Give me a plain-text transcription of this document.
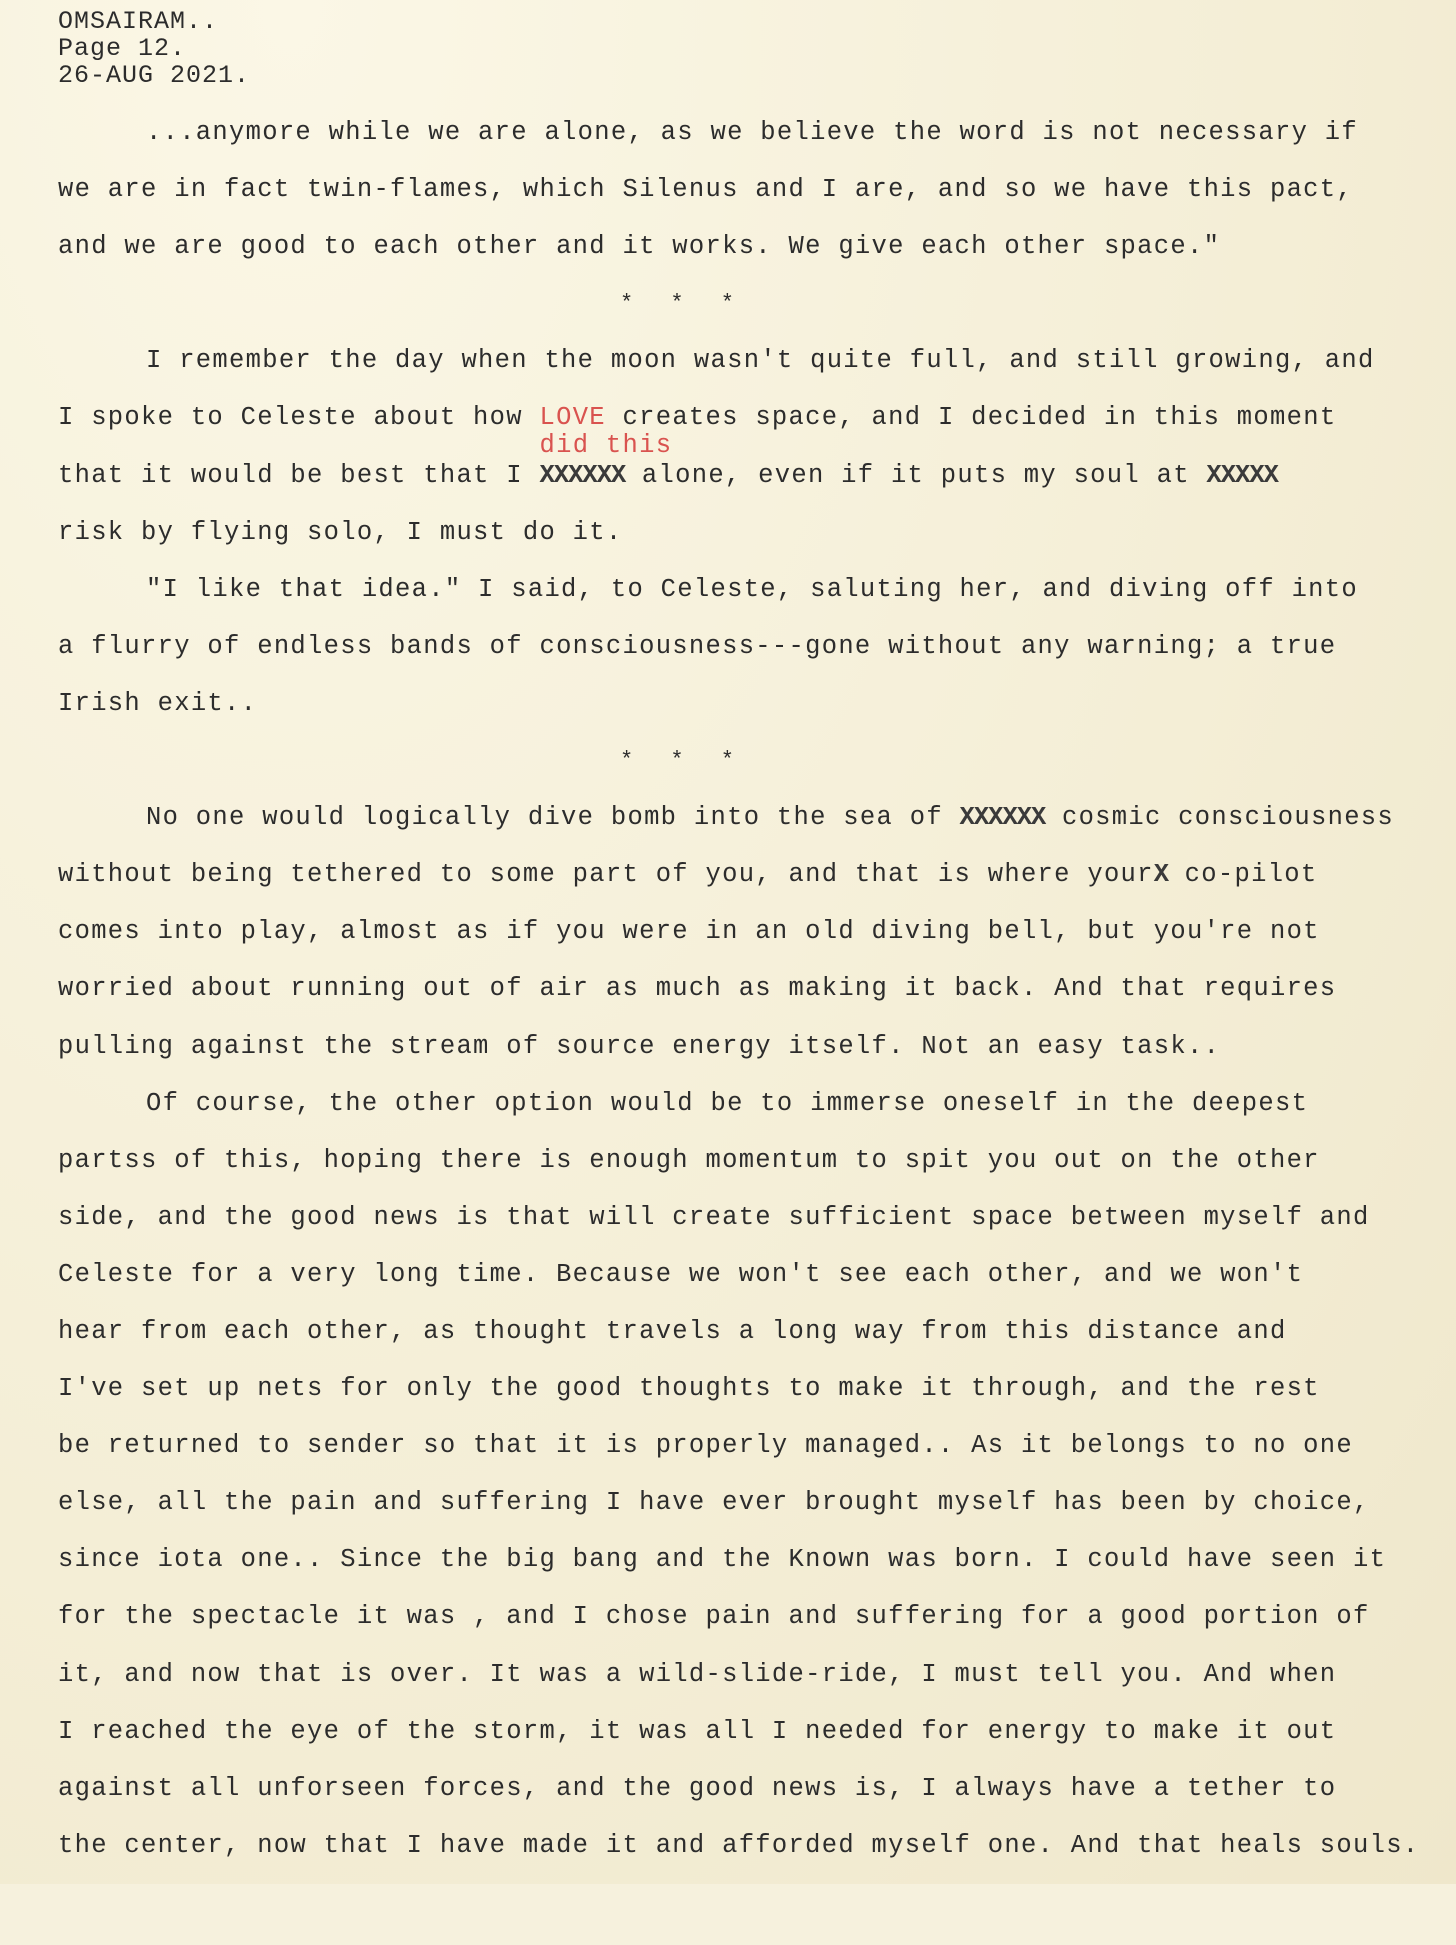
OMSAIRAM..
Page 12.
26-AUG 2021.
...anymore while we are alone, as we believe the word is not necessary if
we are in fact twin-flames, which Silenus and I are, and so we have this pact,
and we are good to each other and it works. We give each other space."
* * *
I remember the day when the moon wasn't quite full, and still growing, and
I spoke to Celeste about how LOVE creates space, and I decided in this moment
that it would be best that I
did this
XXXXXX alone, even if it puts my soul at XXXXX
risk by flying solo, I must do it.
"I like that idea." I said, to Celeste, saluting her, and diving off into
a flurry of endless bands of consciousness---gone without any warning; a true
Irish exit..
* * *
No one would logically dive bomb into the sea of XXXXXX cosmic consciousness
without being tethered to some part of you, and that is where yourX co-pilot
comes into play, almost as if you were in an old diving bell, but you're not
worried about running out of air as much as making it back. And that requires
pulling against the stream of source energy itself. Not an easy task..
Of course, the other option would be to immerse oneself in the deepest
partss of this, hoping there is enough momentum to spit you out on the other
side, and the good news is that will create sufficient space between myself and
Celeste for a very long time. Because we won't see each other, and we won't
hear from each other, as thought travels a long way from this distance and
I've set up nets for only the good thoughts to make it through, and the rest
be returned to sender so that it is properly managed.. As it belongs to no one
else, all the pain and suffering I have ever brought myself has been by choice,
since iota one.. Since the big bang and the Known was born. I could have seen it
for the spectacle it was , and I chose pain and suffering for a good portion of
it, and now that is over. It was a wild-slide-ride, I must tell you. And when
I reached the eye of the storm, it was all I needed for energy to make it out
against all unforseen forces, and the good news is, I always have a tether to
the center, now that I have made it and afforded myself one. And that heals souls.
